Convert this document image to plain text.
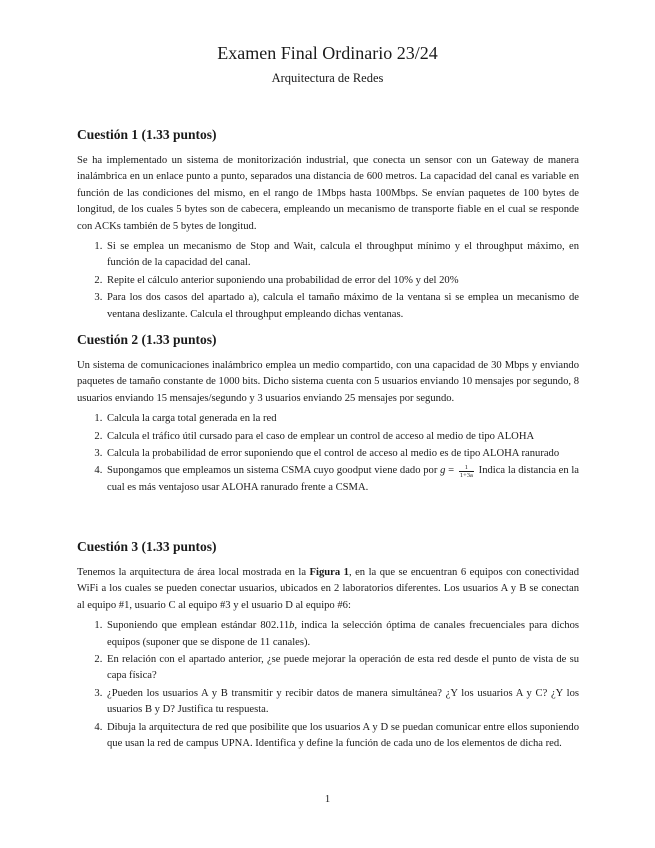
Examen Final Ordinario 23/24
Arquitectura de Redes
Cuestión 1 (1.33 puntos)

Se ha implementado un sistema de monitorización industrial, que conecta un sensor con un Gateway de manera inalámbrica en un enlace punto a punto, separados una distancia de 600 metros. La capacidad del canal es variable en función de las condiciones del mismo, en el rango de 1Mbps hasta 100Mbps. Se envían paquetes de 100 bytes de longitud, de los cuales 5 bytes son de cabecera, empleando un mecanismo de transporte fiable en el cual se responde con ACKs también de 5 bytes de longitud.

1. Si se emplea un mecanismo de Stop and Wait, calcula el throughput mínimo y el throughput máximo, en función de la capacidad del canal.
2. Repite el cálculo anterior suponiendo una probabilidad de error del 10% y del 20%
3. Para los dos casos del apartado a), calcula el tamaño máximo de la ventana si se emplea un mecanismo de ventana deslizante. Calcula el throughput empleando dichas ventanas.
Cuestión 2 (1.33 puntos)

Un sistema de comunicaciones inalámbrico emplea un medio compartido, con una capacidad de 30 Mbps y enviando paquetes de tamaño constante de 1000 bits. Dicho sistema cuenta con 5 usuarios enviando 10 mensajes por segundo, 8 usuarios enviando 15 mensajes/segundo y 3 usuarios enviando 25 mensajes por segundo.

1. Calcula la carga total generada en la red
2. Calcula el tráfico útil cursado para el caso de emplear un control de acceso al medio de tipo ALOHA
3. Calcula la probabilidad de error suponiendo que el control de acceso al medio es de tipo ALOHA ranurado
4. Supongamos que empleamos un sistema CSMA cuyo goodput viene dado por $g = \frac{1}{1+3a}$ Indica la distancia en la cual es más ventajoso usar ALOHA ranurado frente a CSMA.
Cuestión 3 (1.33 puntos)

Tenemos la arquitectura de área local mostrada en la Figura 1, en la que se encuentran 6 equipos con conectividad WiFi a los cuales se pueden conectar usuarios, ubicados en 2 laboratorios diferentes. Los usuarios A y B se conectan al equipo #1, usuario C al equipo #3 y el usuario D al equipo #6:

1. Suponiendo que emplean estándar 802.11b, indica la selección óptima de canales frecuenciales para dichos equipos (suponer que se dispone de 11 canales).
2. En relación con el apartado anterior, ¿se puede mejorar la operación de esta red desde el punto de vista de su capa física?
3. ¿Pueden los usuarios A y B transmitir y recibir datos de manera simultánea? ¿Y los usuarios A y C? ¿Y los usuarios B y D? Justifica tu respuesta.
4. Dibuja la arquitectura de red que posibilite que los usuarios A y D se puedan comunicar entre ellos suponiendo que usan la red de campus UPNA. Identifica y define la función de cada uno de los elementos de dicha red.
1
